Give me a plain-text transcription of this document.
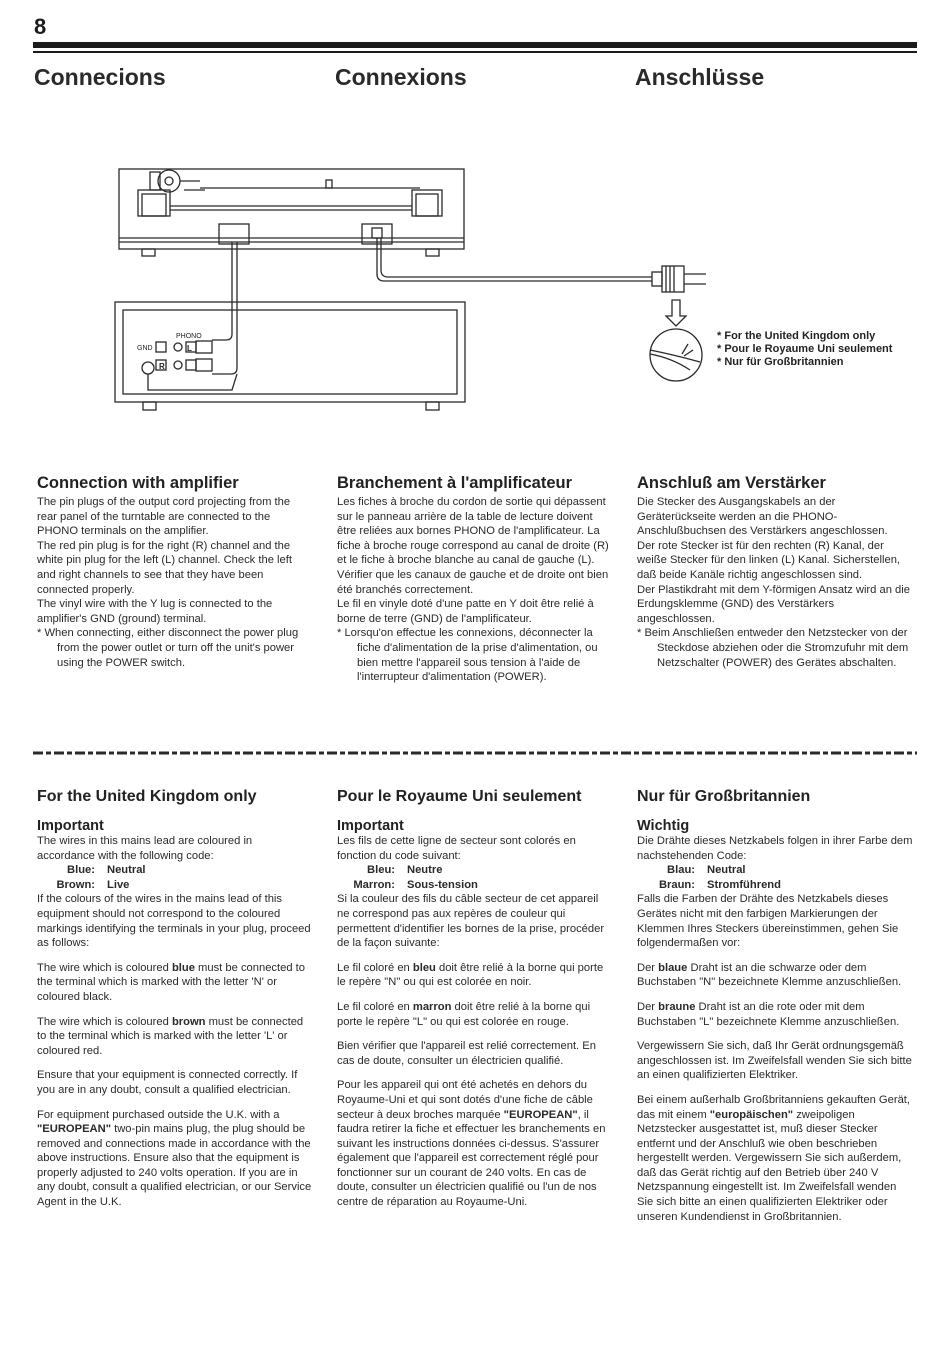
8
Connecions	Connexions	Anschlüsse
GND
PHONO
L
R
* For the United Kingdom only
* Pour le Royaume Uni seulement
* Nur für Großbritannien
Connection with amplifier

The pin plugs of the output cord projecting from the rear panel of the turntable are connected to the PHONO terminals on the amplifier.

The red pin plug is for the right (R) channel and the white pin plug for the left (L) channel. Check the left and right channels to see that they have been connected properly.

The vinyl wire with the Y lug is connected to the amplifier's GND (ground) terminal.

* When connecting, either disconnect the power plug from the power outlet or turn off the unit's power using the POWER switch.

Branchement à l'amplificateur

Les fiches à broche du cordon de sortie qui dépassent sur le panneau arrière de la table de lecture doivent être reliées aux bornes PHONO de l'amplificateur. La fiche à broche rouge correspond au canal de droite (R) et le fiche à broche blanche au canal de gauche (L). Vérifier que les canaux de gauche et de droite ont bien été branchés correctement.

Le fil en vinyle doté d'une patte en Y doit être relié à borne de terre (GND) de l'amplificateur.

* Lorsqu'on effectue les connexions, déconnecter la fiche d'alimentation de la prise d'alimentation, ou bien mettre l'appareil sous tension à l'aide de l'interrupteur d'alimentation (POWER).

Anschluß am Verstärker

Die Stecker des Ausgangskabels an der Geräterückseite werden an die PHONO-Anschlußbuchsen des Verstärkers angeschlossen.

Der rote Stecker ist für den rechten (R) Kanal, der weiße Stecker für den linken (L) Kanal. Sicherstellen, daß beide Kanäle richtig angeschlossen sind.

Der Plastikdraht mit dem Y-förmigen Ansatz wird an die Erdungsklemme (GND) des Verstärkers angeschlossen.

* Beim Anschließen entweder den Netzstecker von der Steckdose abziehen oder die Stromzufuhr mit dem Netzschalter (POWER) des Gerätes abschalten.

For the United Kingdom only
Important

The wires in this mains lead are coloured in accordance with the following code:

Blue: Neutral
Brown: Live

If the colours of the wires in the mains lead of this equipment should not correspond to the coloured markings identifying the terminals in your plug, proceed as follows:

The wire which is coloured blue must be connected to the terminal which is marked with the letter 'N' or coloured black.

The wire which is coloured brown must be connected to the terminal which is marked with the letter 'L' or coloured red.

Ensure that your equipment is connected correctly. If you are in any doubt, consult a qualified electrician.

For equipment purchased outside the U.K. with a "EUROPEAN" two-pin mains plug, the plug should be removed and connections made in accordance with the above instructions. Ensure also that the equipment is properly adjusted to 240 volts operation. If you are in any doubt, consult a qualified electrician, or our Service Agent in the U.K.

Pour le Royaume Uni seulement
Important

Les fils de cette ligne de secteur sont colorés en fonction du code suivant:

Bleu: Neutre
Marron: Sous-tension

Si la couleur des fils du câble secteur de cet appareil ne correspond pas aux repères de couleur qui permettent d'identifier les bornes de la prise, procéder de la façon suivante:

Le fil coloré en bleu doit être relié à la borne qui porte le repère "N" ou qui est colorée en noir.

Le fil coloré en marron doit être relié à la borne qui porte le repère "L" ou qui est colorée en rouge.

Bien vérifier que l'appareil est relié correctement. En cas de doute, consulter un électricien qualifié.

Pour les appareil qui ont été achetés en dehors du Royaume-Uni et qui sont dotés d'une fiche de câble secteur à deux broches marquée "EUROPEAN", il faudra retirer la fiche et effectuer les branchements en suivant les instructions données ci-dessus. S'assurer également que l'appareil est correctement réglé pour fonctionner sur un courant de 240 volts. En cas de doute, consulter un électricien qualifié ou l'un de nos centre de réparation au Royaume-Uni.

Nur für Großbritannien
Wichtig

Die Drähte dieses Netzkabels folgen in ihrer Farbe dem nachstehenden Code:

Blau: Neutral
Braun: Stromführend

Falls die Farben der Drähte des Netzkabels dieses Gerätes nicht mit den farbigen Markierungen der Klemmen Ihres Steckers übereinstimmen, gehen Sie folgendermaßen vor:

Der blaue Draht ist an die schwarze oder dem Buchstaben "N" bezeichnete Klemme anzuschließen.

Der braune Draht ist an die rote oder mit dem Buchstaben "L" bezeichnete Klemme anzuschließen.

Vergewissern Sie sich, daß Ihr Gerät ordnungsgemäß angeschlossen ist. Im Zweifelsfall wenden Sie sich bitte an einen qualifizierten Elektriker.

Bei einem außerhalb Großbritanniens gekauften Gerät, das mit einem "europäischen" zweipoligen Netzstecker ausgestattet ist, muß dieser Stecker entfernt und der Anschluß wie oben beschrieben hergestellt werden. Vergewissern Sie sich außerdem, daß das Gerät richtig auf den Betrieb über 240 V Netzspannung eingestellt ist. Im Zweifelsfall wenden Sie sich bitte an einen qualifizierten Elektriker oder unseren Kundendienst in Großbritannien.
